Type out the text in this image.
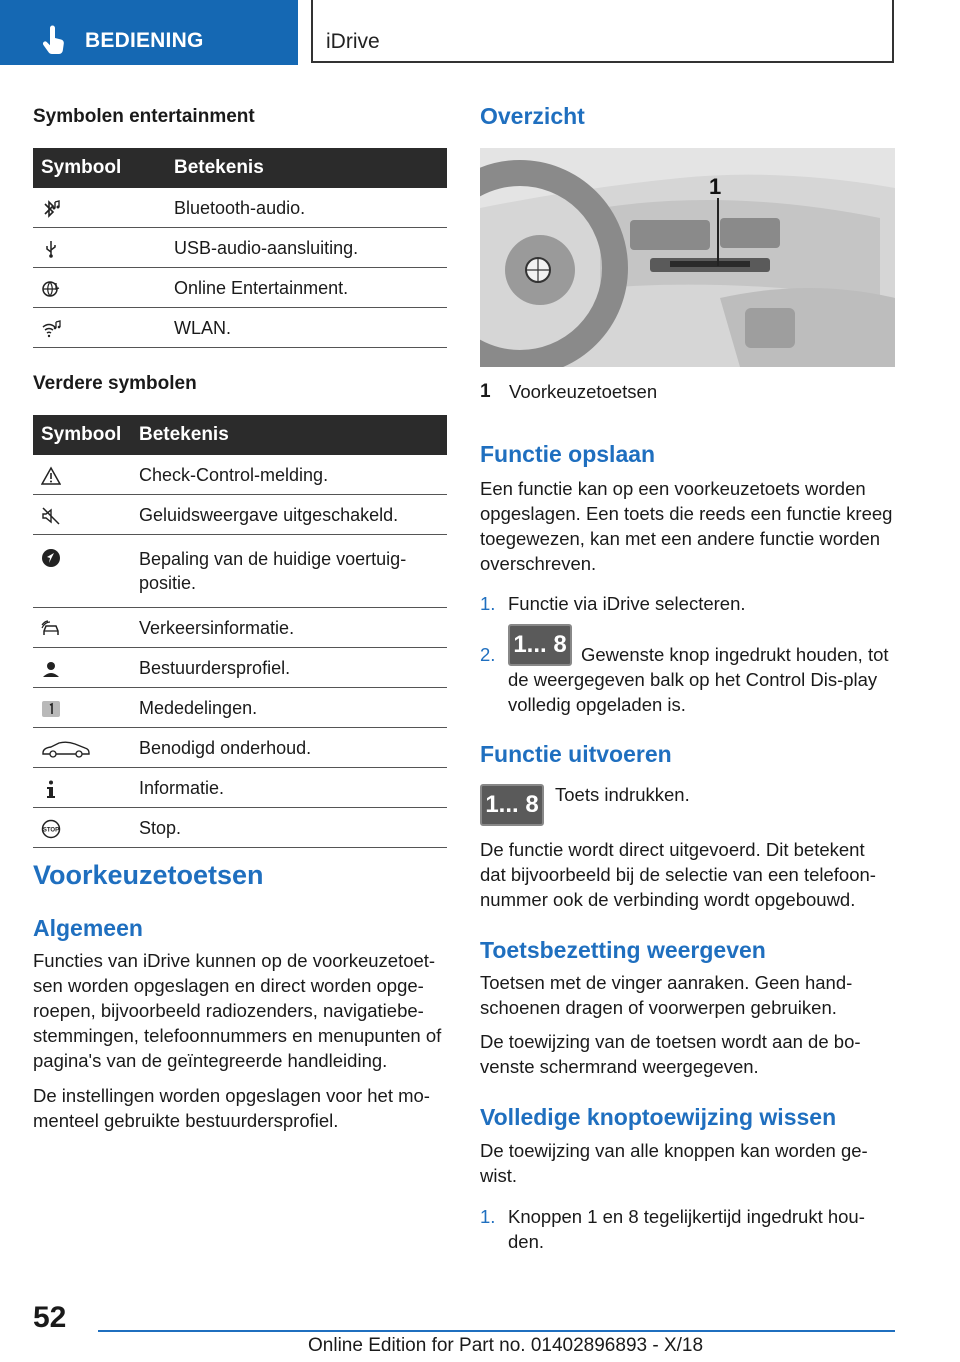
BEDIENING	iDrive
Symbolen entertainment
Symbool	Betekenis
	Bluetooth-audio.
	USB-audio-aansluiting.
	Online Entertainment.
	WLAN.
Verdere symbolen
Symbool	Betekenis
	Check-Control-melding.
	Geluidsweergave uitgeschakeld.
	Bepaling van de huidige voertuig-positie.
	Verkeersinformatie.
	Bestuurdersprofiel.
	Mededelingen.
	Benodigd onderhoud.
	Informatie.

STOP	Stop.
Voorkeuzetoetsen
Algemeen
Functies van iDrive kunnen op de voorkeuzetoet-sen worden opgeslagen en direct worden opge-roepen, bijvoorbeeld radiozenders, navigatiebe-stemmingen, telefoonnummers en menupunten of pagina's van de geïntegreerde handleiding.
De instellingen worden opgeslagen voor het mo-menteel gebruikte bestuurdersprofiel.
Overzicht
1
1 Voorkeuzetoetsen
Functie opslaan
Een functie kan op een voorkeuzetoets worden opgeslagen. Een toets die reeds een functie kreeg toegewezen, kan met een andere functie worden overschreven.
1. Functie via iDrive selecteren.
2. 1... 8 Gewenste knop ingedrukt houden, tot de weergegeven balk op het Control Dis-play volledig opgeladen is.
Functie uitvoeren
1... 8 Toets indrukken.
De functie wordt direct uitgevoerd. Dit betekent dat bijvoorbeeld bij de selectie van een telefoon-nummer ook de verbinding wordt opgebouwd.
Toetsbezetting weergeven
Toetsen met de vinger aanraken. Geen hand-schoenen dragen of voorwerpen gebruiken.
De toewijzing van de toetsen wordt aan de bo-venste schermrand weergegeven.
Volledige knoptoewijzing wissen
De toewijzing van alle knoppen kan worden ge-wist.
1. Knoppen 1 en 8 tegelijkertijd ingedrukt hou-den.
52
Online Edition for Part no. 01402896893 - X/18
